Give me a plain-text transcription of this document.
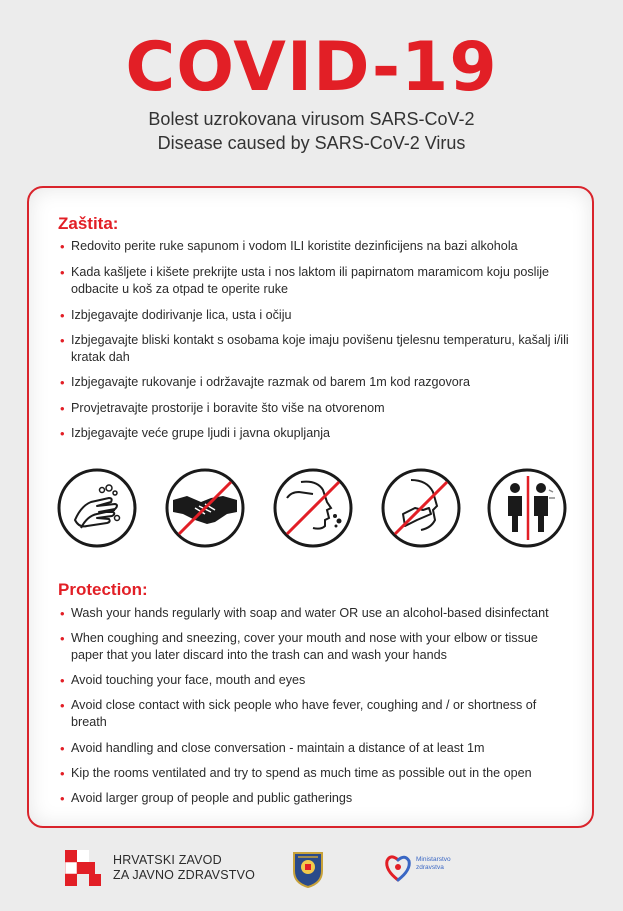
COVID-19
Bolest uzrokovana virusom SARS-CoV-2
Disease caused by SARS-CoV-2 Virus
Zaštita:
• Redovito perite ruke sapunom i vodom ILI koristite dezinficijens na bazi alkohola
• Kada kašljete i kišete prekrijte usta i nos laktom ili papirnatom maramicom koju poslije odbacite u koš za otpad te operite ruke
• Izbjegavajte dodirivanje lica, usta i očiju
• Izbjegavajte bliski kontakt s osobama koje imaju povišenu tjelesnu temperaturu, kašalj i/ili kratak dah
• Izbjegavajte rukovanje i održavajte razmak od barem 1m kod razgovora
• Provjetravajte prostorije i boravite što više na otvorenom
• Izbjegavajte veće grupe ljudi i javna okupljanja
Protection:
• Wash your hands regularly with soap and water OR use an alcohol-based disinfectant
• When coughing and sneezing, cover your mouth and nose with your elbow or tissue paper that you later discard into the trash can and wash your hands
• Avoid touching your face, mouth and eyes
• Avoid close contact with sick people who have fever, coughing and / or shortness of breath
• Avoid handling and close conversation - maintain a distance of at least 1m
• Kip the rooms ventilated and try to spend as much time as possible out in the open
• Avoid larger group of people and public gatherings
HRVATSKI ZAVOD
ZA JAVNO ZDRAVSTVO
Ministarstvo
zdravstva
